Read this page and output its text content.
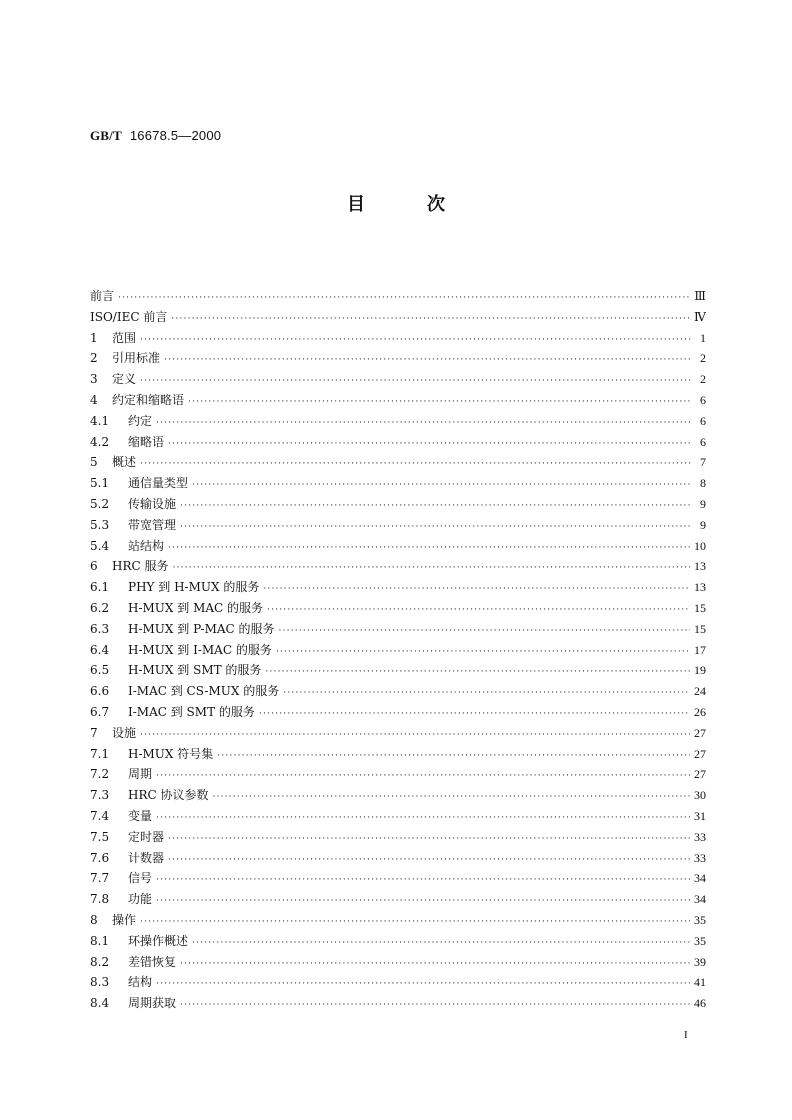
GB/T 16678.5—2000
目次
前言 ·····	Ⅲ
ISO/IEC 前言 ·····	Ⅳ
1 范围 ·····	1
2 引用标准 ·····	2
3 定义 ·····	2
4 约定和缩略语 ·····	6
4.1 约定 ·····	6
4.2 缩略语 ·····	6
5 概述 ·····	7
5.1 通信量类型 ·····	8
5.2 传输设施 ·····	9
5.3 带宽管理 ·····	9
5.4 站结构 ·····	10
6 HRC 服务 ·····	13
6.1 PHY 到 H-MUX 的服务 ·····	13
6.2 H-MUX 到 MAC 的服务 ·····	15
6.3 H-MUX 到 P-MAC 的服务 ·····	15
6.4 H-MUX 到 I-MAC 的服务 ·····	17
6.5 H-MUX 到 SMT 的服务 ·····	19
6.6 I-MAC 到 CS-MUX 的服务 ·····	24
6.7 I-MAC 到 SMT 的服务 ·····	26
7 设施 ·····	27
7.1 H-MUX 符号集 ·····	27
7.2 周期 ·····	27
7.3 HRC 协议参数 ·····	30
7.4 变量 ·····	31
7.5 定时器 ·····	33
7.6 计数器 ·····	33
7.7 信号 ·····	34
7.8 功能 ·····	34
8 操作 ·····	35
8.1 环操作概述 ·····	35
8.2 差错恢复 ·····	39
8.3 结构 ·····	41
8.4 周期获取 ·····	46
I
